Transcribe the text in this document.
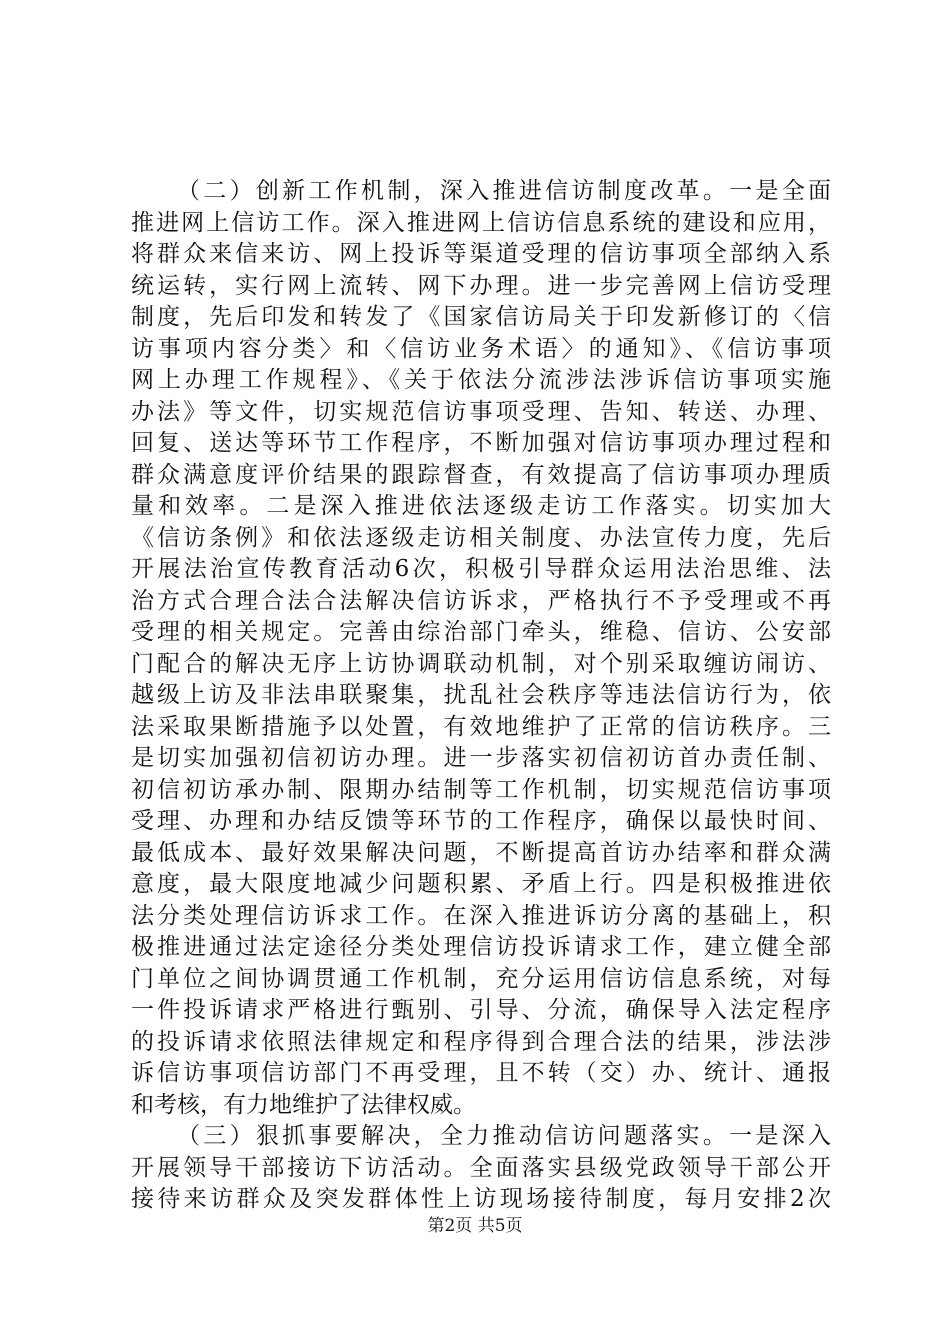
（二）创新工作机制，深入推进信访制度改革。一是全面
推进网上信访工作。深入推进网上信访信息系统的建设和应用，
将群众来信来访、网上投诉等渠道受理的信访事项全部纳入系
统运转，实行网上流转、网下办理。进一步完善网上信访受理
制度，先后印发和转发了《国家信访局关于印发新修订的〈信
访事项内容分类〉和〈信访业务术语〉的通知》、《信访事项
网上办理工作规程》、《关于依法分流涉法涉诉信访事项实施
办法》等文件，切实规范信访事项受理、告知、转送、办理、
回复、送达等环节工作程序，不断加强对信访事项办理过程和
群众满意度评价结果的跟踪督查，有效提高了信访事项办理质
量和效率。二是深入推进依法逐级走访工作落实。切实加大
《信访条例》和依法逐级走访相关制度、办法宣传力度，先后
开展法治宣传教育活动6次，积极引导群众运用法治思维、法
治方式合理合法合法解决信访诉求，严格执行不予受理或不再
受理的相关规定。完善由综治部门牵头，维稳、信访、公安部
门配合的解决无序上访协调联动机制，对个别采取缠访闹访、
越级上访及非法串联聚集，扰乱社会秩序等违法信访行为，依
法采取果断措施予以处置，有效地维护了正常的信访秩序。三
是切实加强初信初访办理。进一步落实初信初访首办责任制、
初信初访承办制、限期办结制等工作机制，切实规范信访事项
受理、办理和办结反馈等环节的工作程序，确保以最快时间、
最低成本、最好效果解决问题，不断提高首访办结率和群众满
意度，最大限度地减少问题积累、矛盾上行。四是积极推进依
法分类处理信访诉求工作。在深入推进诉访分离的基础上，积
极推进通过法定途径分类处理信访投诉请求工作，建立健全部
门单位之间协调贯通工作机制，充分运用信访信息系统，对每
一件投诉请求严格进行甄别、引导、分流，确保导入法定程序
的投诉请求依照法律规定和程序得到合理合法的结果，涉法涉
诉信访事项信访部门不再受理，且不转（交）办、统计、通报
和考核，有力地维护了法律权威。
（三）狠抓事要解决，全力推动信访问题落实。一是深入
开展领导干部接访下访活动。全面落实县级党政领导干部公开
接待来访群众及突发群体性上访现场接待制度，每月安排2次
第2页 共5页
